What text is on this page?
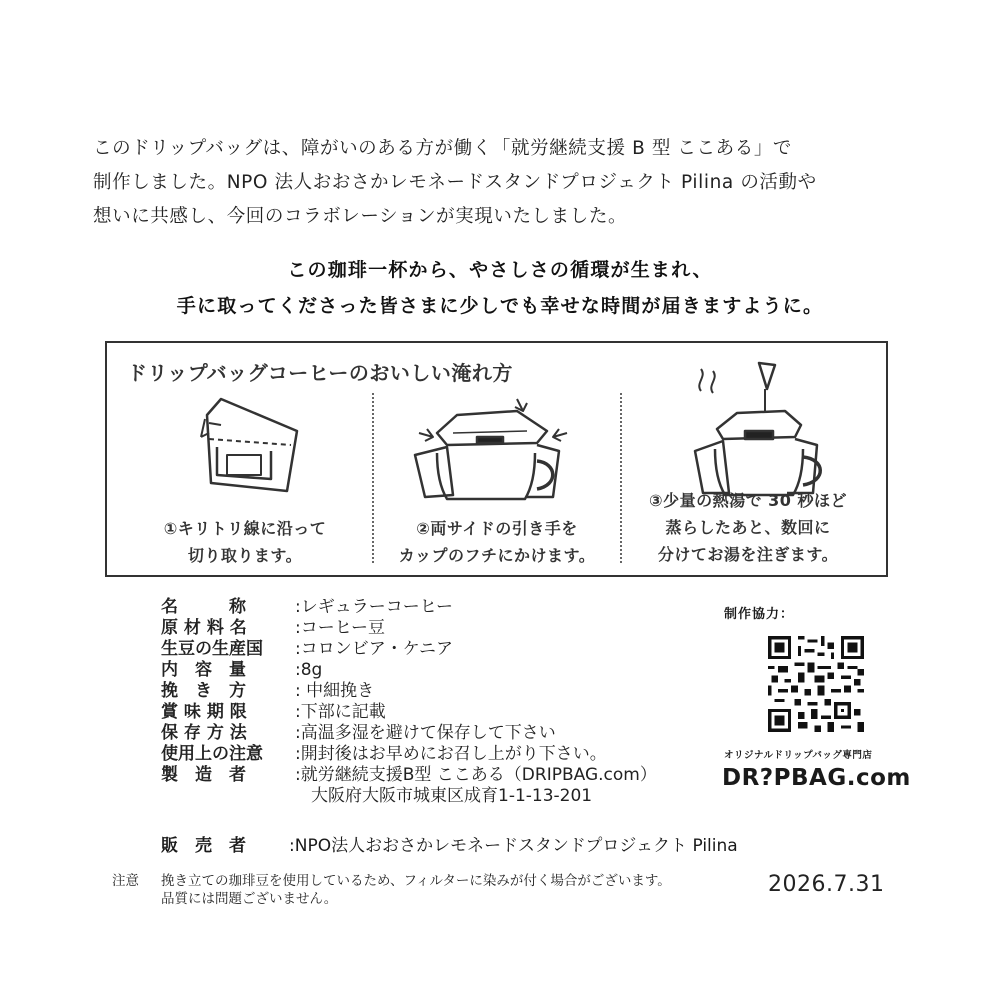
このドリップバッグは、障がいのある方が働く「就労継続支援 B 型 ここある」で
制作しました。NPO 法人おおさかレモネードスタンドプロジェクト Pilina の活動や
想いに共感し、今回のコラボレーションが実現いたしました。
この珈琲一杯から、やさしさの循環が生まれ、
手に取ってくださった皆さまに少しでも幸せな時間が届きますように。
ドリップバッグコーヒーのおいしい淹れ方
①キリトリ線に沿って
切り取ります。
②両サイドの引き手を
カップのフチにかけます。
③少量の熱湯で 30 秒ほど
蒸らしたあと、数回に
分けてお湯を注ぎます。
名　　　称	:レギュラーコーヒー
原 材 料 名	:コーヒー豆
生豆の生産国	:コロンビア・ケニア
内　容　量	:8g
挽　き　方	: 中細挽き
賞 味 期 限	:下部に記載
保 存 方 法	:高温多湿を避けて保存して下さい
使用上の注意	:開封後はお早めにお召し上がり下さい。
製　造　者	:就労継続支援B型 ここある（DRIPBAG.com）
大阪府大阪市城東区成育1-1-13-201
販　売　者	:NPO法人おおさかレモネードスタンドプロジェクト Pilina
制作協力：
オリジナルドリップバッグ専門店
DR?PBAG.com
注意 挽き立ての珈琲豆を使用しているため、フィルターに染みが付く場合がございます。
品質には問題ございません。
2026.7.31
